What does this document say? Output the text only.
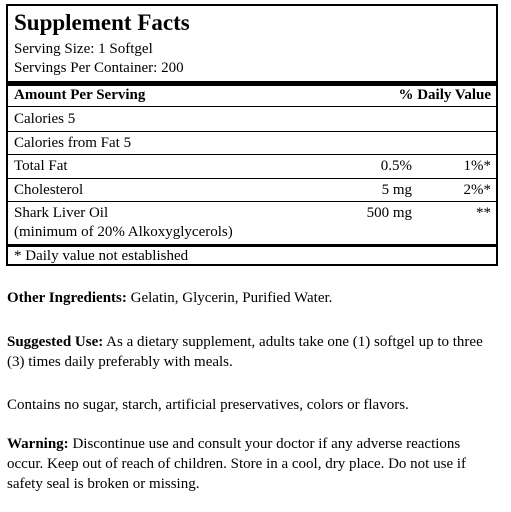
Supplement Facts
Serving Size: 1 Softgel
Servings Per Container: 200
Amount Per Serving	% Daily Value
Calories 5
Calories from Fat 5
Total Fat	0.5%	1%*
Cholesterol	5 mg	2%*
Shark Liver Oil	500 mg	**
(minimum of 20% Alkoxyglycerols)
* Daily value not established
Other Ingredients: Gelatin, Glycerin, Purified Water.
Suggested Use: As a dietary supplement, adults take one (1) softgel up to three (3) times daily preferably with meals.
Contains no sugar, starch, artificial preservatives, colors or flavors.
Warning: Discontinue use and consult your doctor if any adverse reactions occur. Keep out of reach of children. Store in a cool, dry place. Do not use if safety seal is broken or missing.
